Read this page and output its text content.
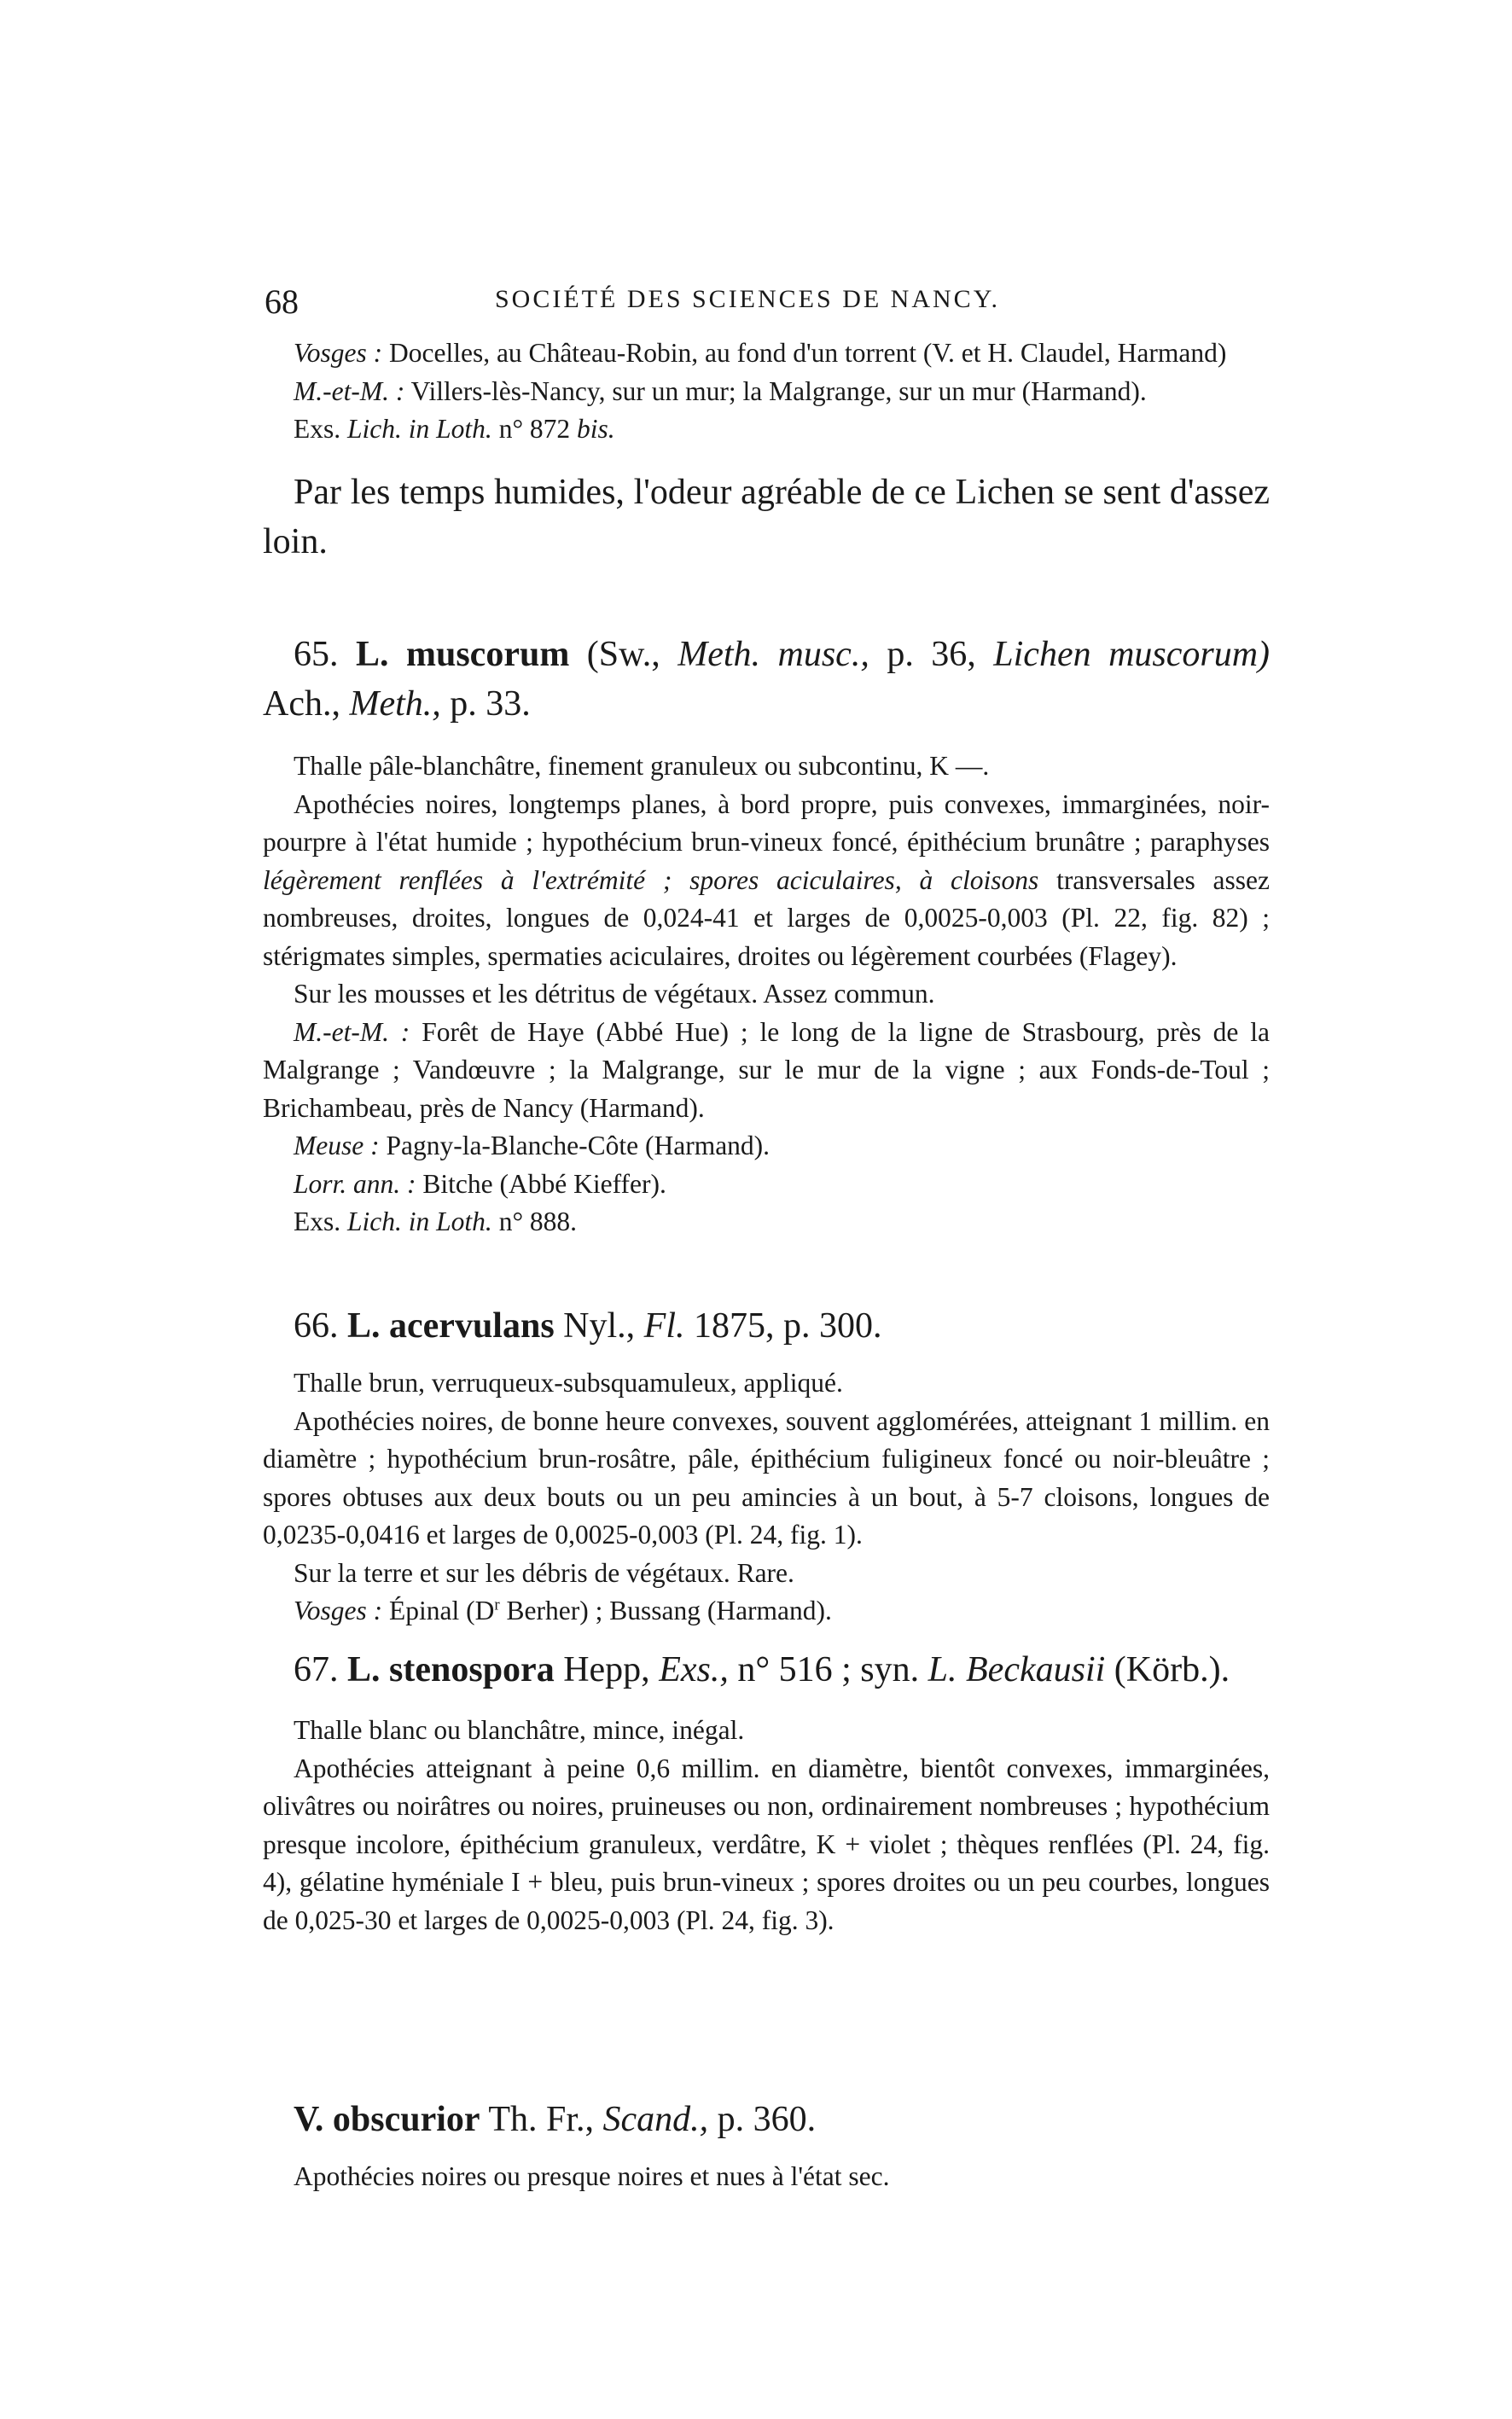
68	SOCIÉTÉ DES SCIENCES DE NANCY.

Vosges : Docelles, au Château-Robin, au fond d'un torrent (V. et H. Claudel, Harmand)

M.-et-M. : Villers-lès-Nancy, sur un mur; la Malgrange, sur un mur (Harmand).

Exs. Lich. in Loth. n° 872 bis.

Par les temps humides, l'odeur agréable de ce Lichen se sent d'assez loin.

65. L. muscorum (Sw., Meth. musc., p. 36, Lichen muscorum) Ach., Meth., p. 33.

Thalle pâle-blanchâtre, finement granuleux ou subcontinu, K —.

Apothécies noires, longtemps planes, à bord propre, puis convexes, immarginées, noir-pourpre à l'état humide ; hypothécium brun-vineux foncé, épithécium brunâtre ; paraphyses légèrement renflées à l'extrémité ; spores aciculaires, à cloisons transversales assez nombreuses, droites, longues de 0,024-41 et larges de 0,0025-0,003 (Pl. 22, fig. 82) ; stérigmates simples, spermaties aciculaires, droites ou légèrement courbées (Flagey).

Sur les mousses et les détritus de végétaux. Assez commun.

M.-et-M. : Forêt de Haye (Abbé Hue) ; le long de la ligne de Strasbourg, près de la Malgrange ; Vandœuvre ; la Malgrange, sur le mur de la vigne ; aux Fonds-de-Toul ; Brichambeau, près de Nancy (Harmand).

Meuse : Pagny-la-Blanche-Côte (Harmand).

Lorr. ann. : Bitche (Abbé Kieffer).

Exs. Lich. in Loth. n° 888.

66. L. acervulans Nyl., Fl. 1875, p. 300.

Thalle brun, verruqueux-subsquamuleux, appliqué.

Apothécies noires, de bonne heure convexes, souvent agglomérées, atteignant 1 millim. en diamètre ; hypothécium brun-rosâtre, pâle, épithécium fuligineux foncé ou noir-bleuâtre ; spores obtuses aux deux bouts ou un peu amincies à un bout, à 5-7 cloisons, longues de 0,0235-0,0416 et larges de 0,0025-0,003 (Pl. 24, fig. 1).

Sur la terre et sur les débris de végétaux. Rare.

Vosges : Épinal ($D^r$ Berher) ; Bussang (Harmand).

67. L. stenospora Hepp, Exs., n° 516 ; syn. L. Beckausii (Körb.).

Thalle blanc ou blanchâtre, mince, inégal.

Apothécies atteignant à peine 0,6 millim. en diamètre, bientôt convexes, immarginées, olivâtres ou noirâtres ou noires, pruineuses ou non, ordinairement nombreuses ; hypothécium presque incolore, épithécium granuleux, verdâtre, K + violet ; thèques renflées (Pl. 24, fig. 4), gélatine hyméniale I + bleu, puis brun-vineux ; spores droites ou un peu courbes, longues de 0,025-30 et larges de 0,0025-0,003 (Pl. 24, fig. 3).

V. obscurior Th. Fr., Scand., p. 360.

Apothécies noires ou presque noires et nues à l'état sec.
